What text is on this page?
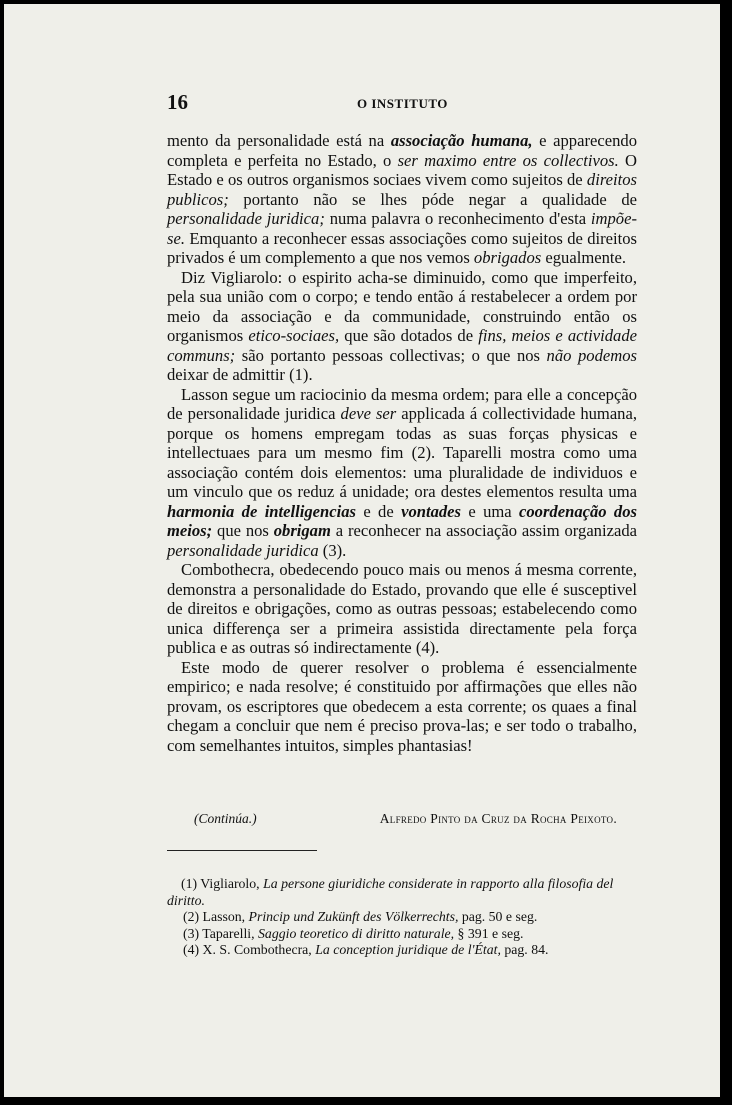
16	O INSTITUTO

mento da personalidade está na associação humana, e apparecendo completa e perfeita no Estado, o ser maximo entre os collectivos. O Estado e os outros organismos sociaes vivem como sujeitos de direitos publicos; portanto não se lhes póde negar a qualidade de personalidade juridica; numa palavra o reconhecimento d'esta impõe-se. Emquanto a reconhecer essas associações como sujeitos de direitos privados é um complemento a que nos vemos obrigados egualmente.

Diz Vigliarolo: o espirito acha-se diminuido, como que imperfeito, pela sua união com o corpo; e tendo então á restabelecer a ordem por meio da associação e da communidade, construindo então os organismos etico-sociaes, que são dotados de fins, meios e actividade communs; são portanto pessoas collectivas; o que nos não podemos deixar de admittir (1).

Lasson segue um raciocinio da mesma ordem; para elle a concepção de personalidade juridica deve ser applicada á collectividade humana, porque os homens empregam todas as suas forças physicas e intellectuaes para um mesmo fim (2). Taparelli mostra como uma associação contém dois elementos: uma pluralidade de individuos e um vinculo que os reduz á unidade; ora destes elementos resulta uma harmonia de intelligencias e de vontades e uma coordenação dos meios; que nos obrigam a reconhecer na associação assim organizada personalidade juridica (3).

Combothecra, obedecendo pouco mais ou menos á mesma corrente, demonstra a personalidade do Estado, provando que elle é susceptivel de direitos e obrigações, como as outras pessoas; estabelecendo como unica differença ser a primeira assistida directamente pela força publica e as outras só indirectamente (4).

Este modo de querer resolver o problema é essencialmente empirico; e nada resolve; é constituido por affirmações que elles não provam, os escriptores que obedecem a esta corrente; os quaes a final chegam a concluir que nem é preciso prova-las; e ser todo o trabalho, com semelhantes intuitos, simples phantasias!

(Continúa.)	Alfredo Pinto da Cruz da Rocha Peixoto.

(1) Vigliarolo, La persone giuridiche considerate in rapporto alla filosofia del diritto.

(2) Lasson, Princip und Zukünft des Völkerrechts, pag. 50 e seg.

(3) Taparelli, Saggio teoretico di diritto naturale, § 391 e seg.

(4) X. S. Combothecra, La conception juridique de l'État, pag. 84.
